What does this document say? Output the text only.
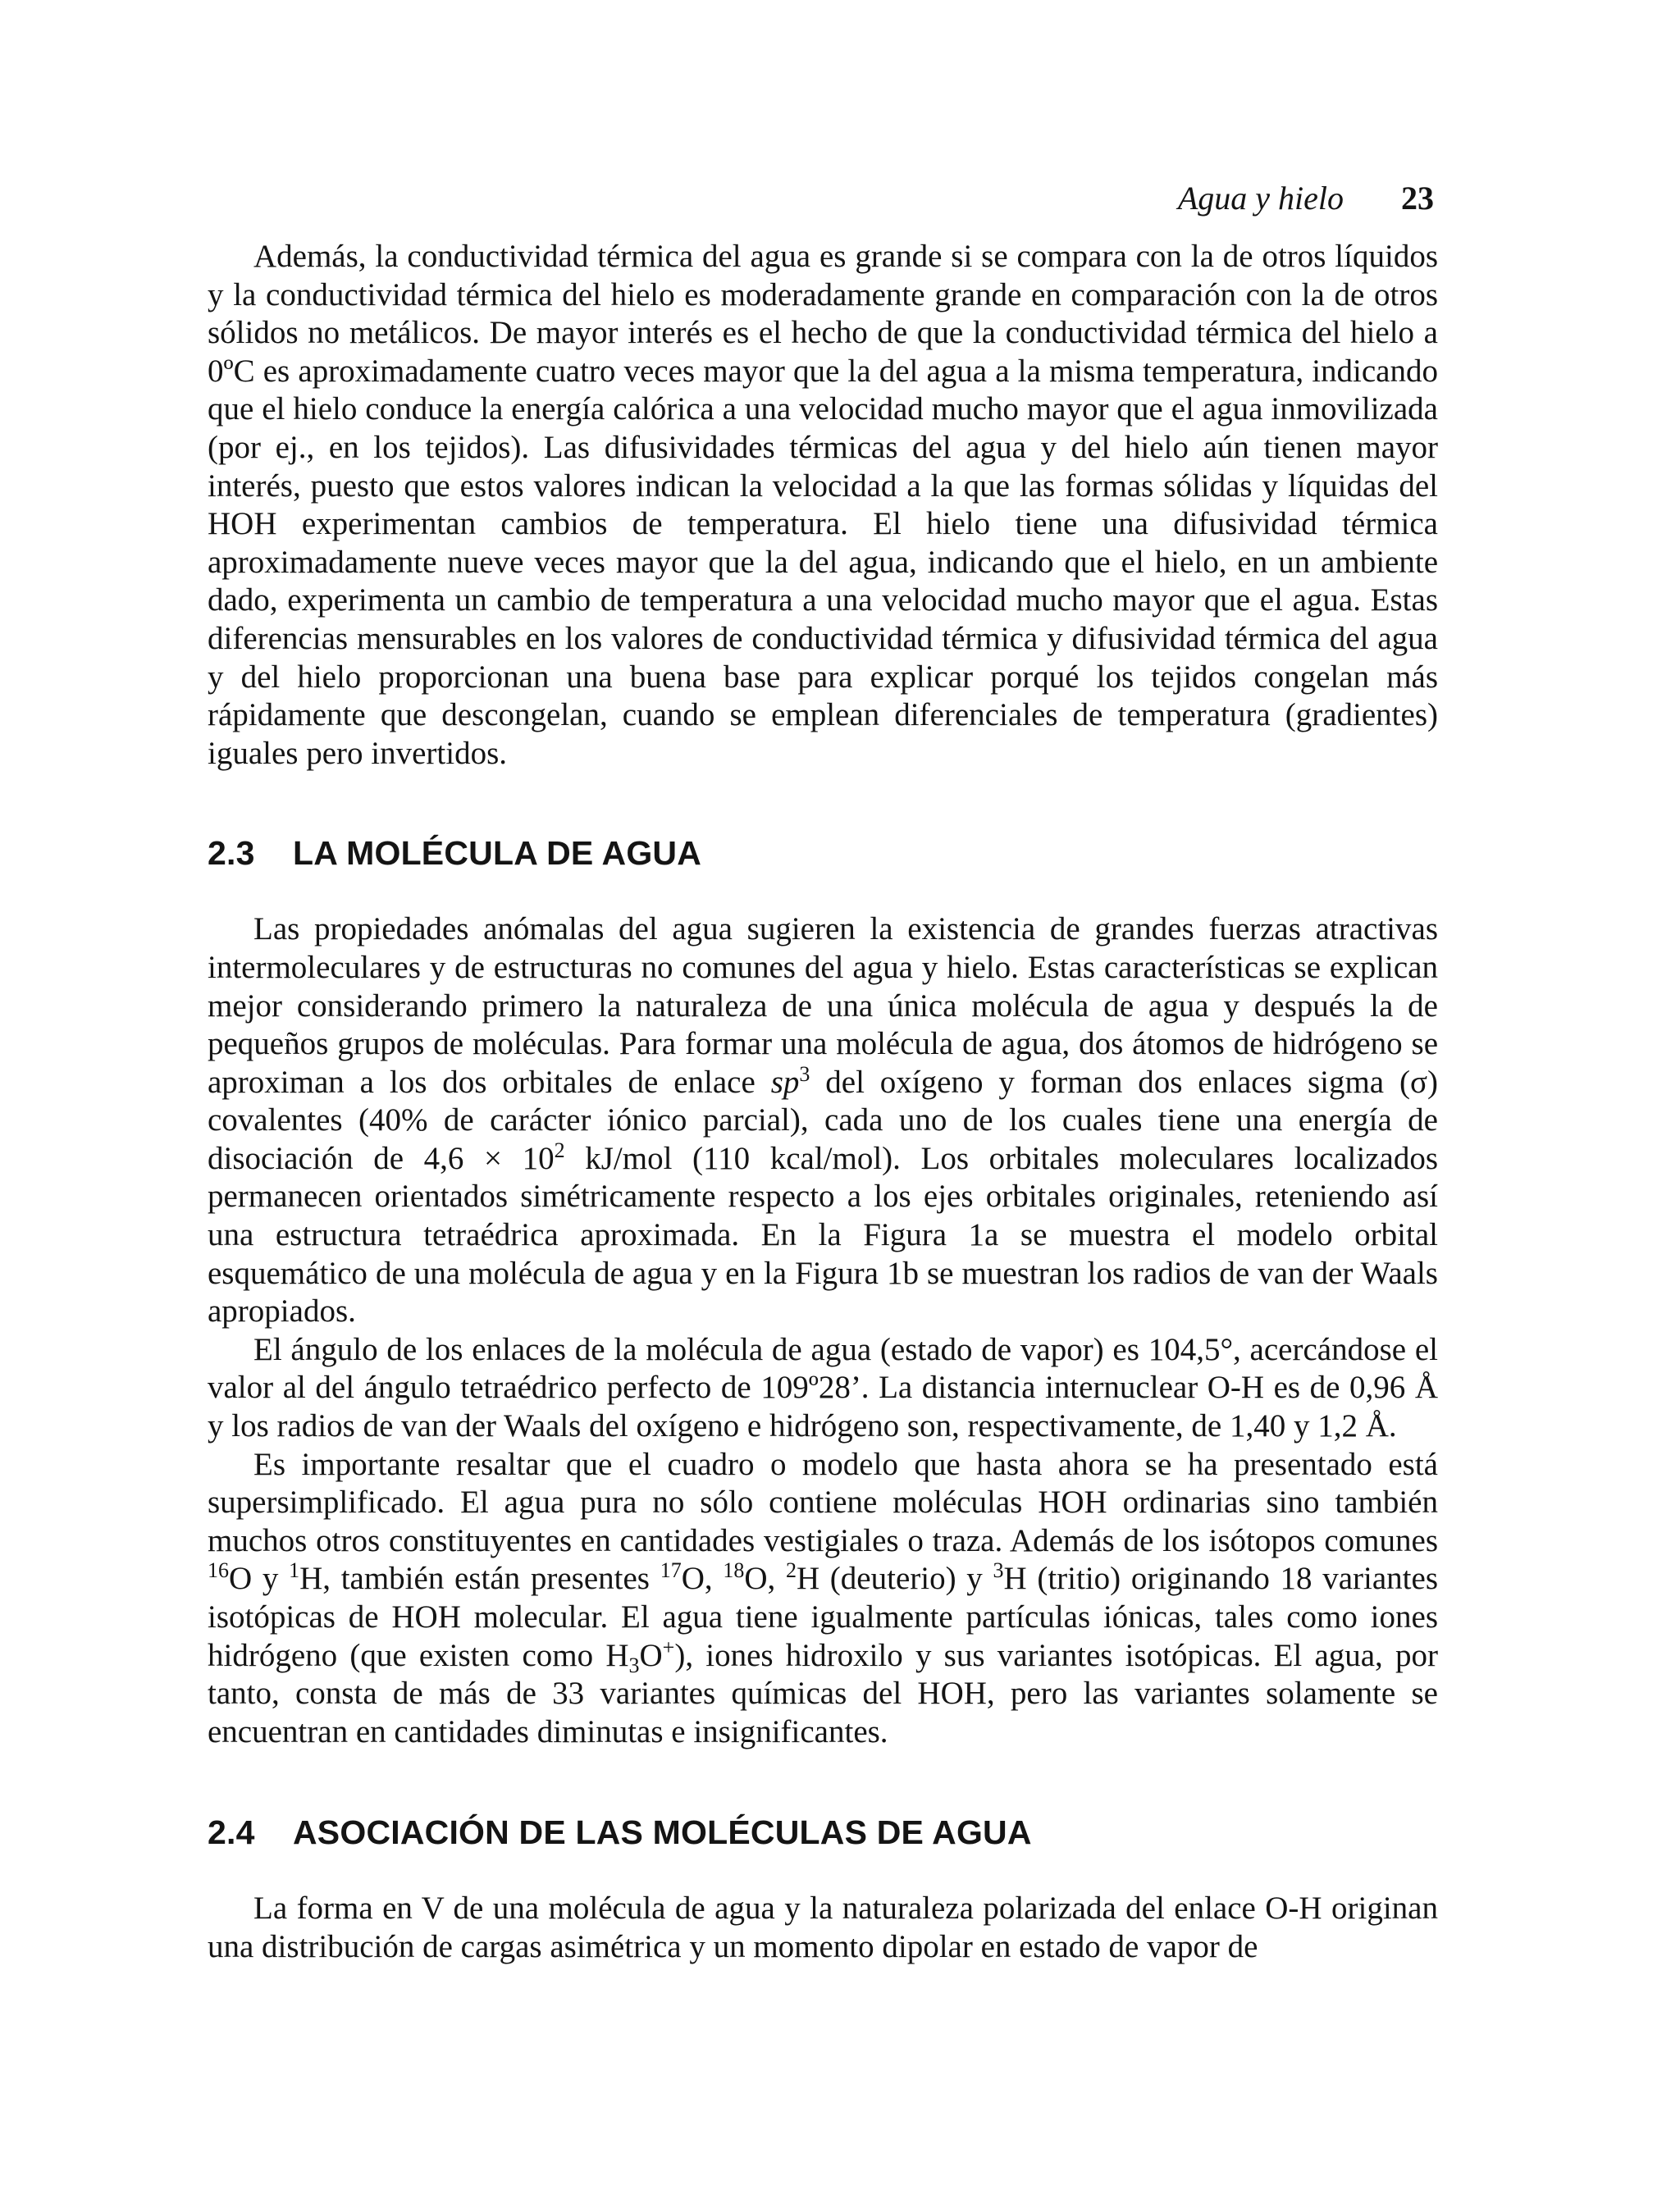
Agua y hielo 23

Además, la conductividad térmica del agua es grande si se compara con la de otros líquidos y la conductividad térmica del hielo es moderadamente grande en comparación con la de otros sólidos no metálicos. De mayor interés es el hecho de que la conductividad térmica del hielo a 0ºC es aproximadamente cuatro veces mayor que la del agua a la misma temperatura, indicando que el hielo conduce la energía calórica a una velocidad mucho mayor que el agua inmovilizada (por ej., en los tejidos). Las difusividades térmicas del agua y del hielo aún tienen mayor interés, puesto que estos valores indican la velocidad a la que las formas sólidas y líquidas del HOH experimentan cambios de temperatura. El hielo tiene una difusividad térmica aproximadamente nueve veces mayor que la del agua, indicando que el hielo, en un ambiente dado, experimenta un cambio de temperatura a una velocidad mucho mayor que el agua. Estas diferencias mensurables en los valores de conductividad térmica y difusividad térmica del agua y del hielo proporcionan una buena base para explicar porqué los tejidos congelan más rápidamente que descongelan, cuando se emplean diferenciales de temperatura (gradientes) iguales pero invertidos.

2.3 LA MOLÉCULA DE AGUA

Las propiedades anómalas del agua sugieren la existencia de grandes fuerzas atractivas intermoleculares y de estructuras no comunes del agua y hielo. Estas características se explican mejor considerando primero la naturaleza de una única molécula de agua y después la de pequeños grupos de moléculas. Para formar una molécula de agua, dos átomos de hidrógeno se aproximan a los dos orbitales de enlace $sp^3$ del oxígeno y forman dos enlaces sigma (σ) covalentes (40% de carácter iónico parcial), cada uno de los cuales tiene una energía de disociación de $4,6 \times 10^2$ kJ/mol (110 kcal/mol). Los orbitales moleculares localizados permanecen orientados simétricamente respecto a los ejes orbitales originales, reteniendo así una estructura tetraédrica aproximada. En la Figura 1a se muestra el modelo orbital esquemático de una molécula de agua y en la Figura 1b se muestran los radios de van der Waals apropiados.

El ángulo de los enlaces de la molécula de agua (estado de vapor) es 104,5°, acercándose el valor al del ángulo tetraédrico perfecto de 109º28’. La distancia internuclear O-H es de 0,96 Å y los radios de van der Waals del oxígeno e hidrógeno son, respectivamente, de 1,40 y 1,2 Å.

Es importante resaltar que el cuadro o modelo que hasta ahora se ha presentado está supersimplificado. El agua pura no sólo contiene moléculas HOH ordinarias sino también muchos otros constituyentes en cantidades vestigiales o traza. Además de los isótopos comunes $^{16}$O y $^1$H, también están presentes $^{17}$O, $^{18}$O, $^2$H (deuterio) y $^3$H (tritio) originando 18 variantes isotópicas de HOH molecular. El agua tiene igualmente partículas iónicas, tales como iones hidrógeno (que existen como $H_3O^+$), iones hidroxilo y sus variantes isotópicas. El agua, por tanto, consta de más de 33 variantes químicas del HOH, pero las variantes solamente se encuentran en cantidades diminutas e insignificantes.

2.4 ASOCIACIÓN DE LAS MOLÉCULAS DE AGUA

La forma en V de una molécula de agua y la naturaleza polarizada del enlace O-H originan una distribución de cargas asimétrica y un momento dipolar en estado de vapor de
